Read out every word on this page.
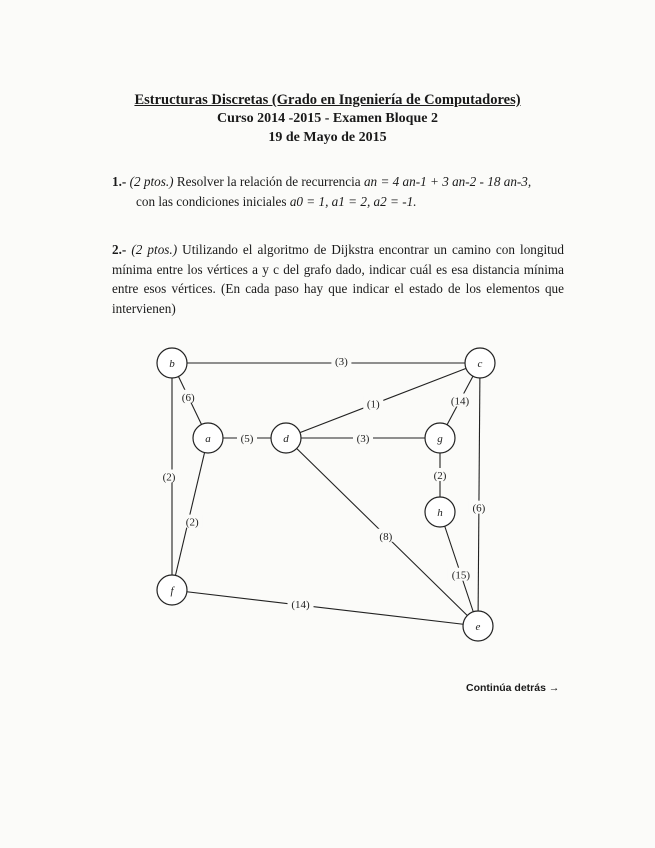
Estructuras Discretas (Grado en Ingeniería de Computadores)
Curso 2014 -2015 - Examen Bloque 2
19 de Mayo de 2015
1.- (2 ptos.) Resolver la relación de recurrencia an = 4 an-1 + 3 an-2 - 18 an-3,
con las condiciones iniciales a0 = 1, a1 = 2, a2 = -1.
2.- (2 ptos.) Utilizando el algoritmo de Dijkstra encontrar un camino con longitud mínima entre los vértices a y c del grafo dado, indicar cuál es esa distancia mínima entre esos vértices. (En cada paso hay que indicar el estado de los elementos que intervienen)
(3)
(6)
(2)
(5)
(2)
(1)
(3)
(8)
(14)
(2)
(15)
(6)
(14)
b	c
a	d	g
h
f
e
Continúa detrás →
